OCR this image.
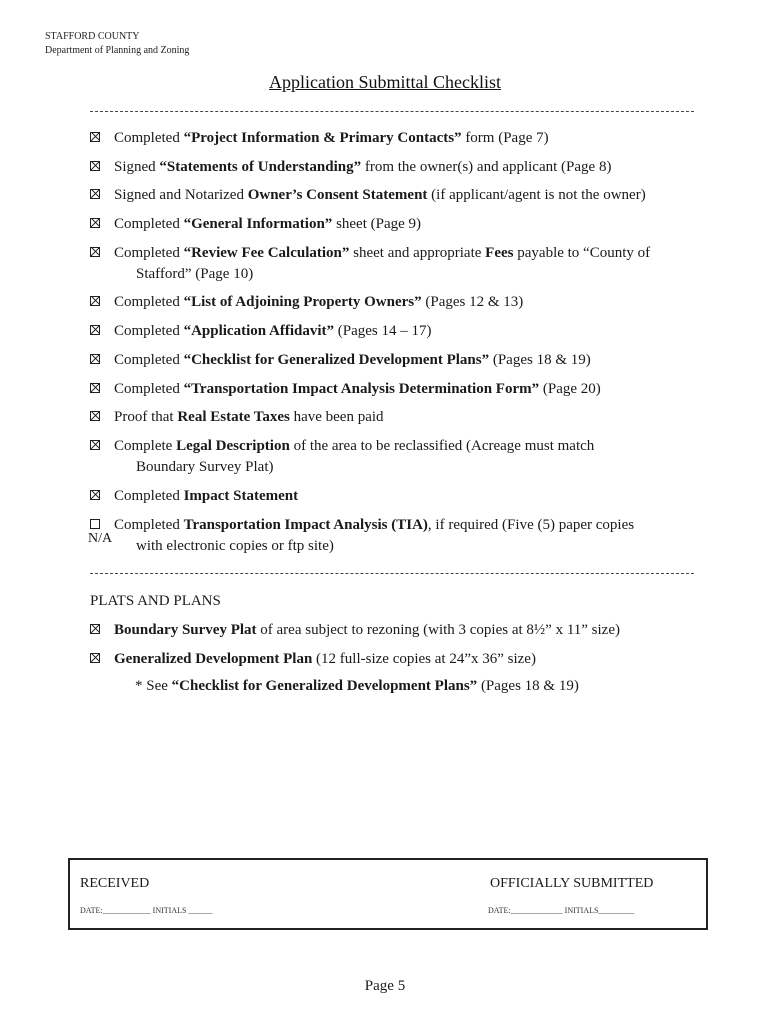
STAFFORD COUNTY
Department of Planning and Zoning
Application Submittal Checklist
Completed “Project Information & Primary Contacts” form (Page 7)
Signed “Statements of Understanding” from the owner(s) and applicant (Page 8)
Signed and Notarized Owner’s Consent Statement (if applicant/agent is not the owner)
Completed “General Information” sheet (Page 9)
Completed “Review Fee Calculation” sheet and appropriate Fees payable to “County of
Stafford” (Page 10)
Completed “List of Adjoining Property Owners” (Pages 12 & 13)
Completed “Application Affidavit” (Pages 14 – 17)
Completed “Checklist for Generalized Development Plans” (Pages 18 & 19)
Completed “Transportation Impact Analysis Determination Form” (Page 20)
Proof that Real Estate Taxes have been paid
Complete Legal Description of the area to be reclassified (Acreage must match
Boundary Survey Plat)
Completed Impact Statement
Completed Transportation Impact Analysis (TIA), if required (Five (5) paper copies
with electronic copies or ftp site)
N/A
PLATS AND PLANS
Boundary Survey Plat of area subject to rezoning (with 3 copies at 8½” x 11” size)
Generalized Development Plan (12 full-size copies at 24”x 36” size)
* See “Checklist for Generalized Development Plans” (Pages 18 & 19)
RECEIVED
DATE:____________ INITIALS ______
OFFICIALLY SUBMITTED
DATE:_____________ INITIALS_________
Page 5
